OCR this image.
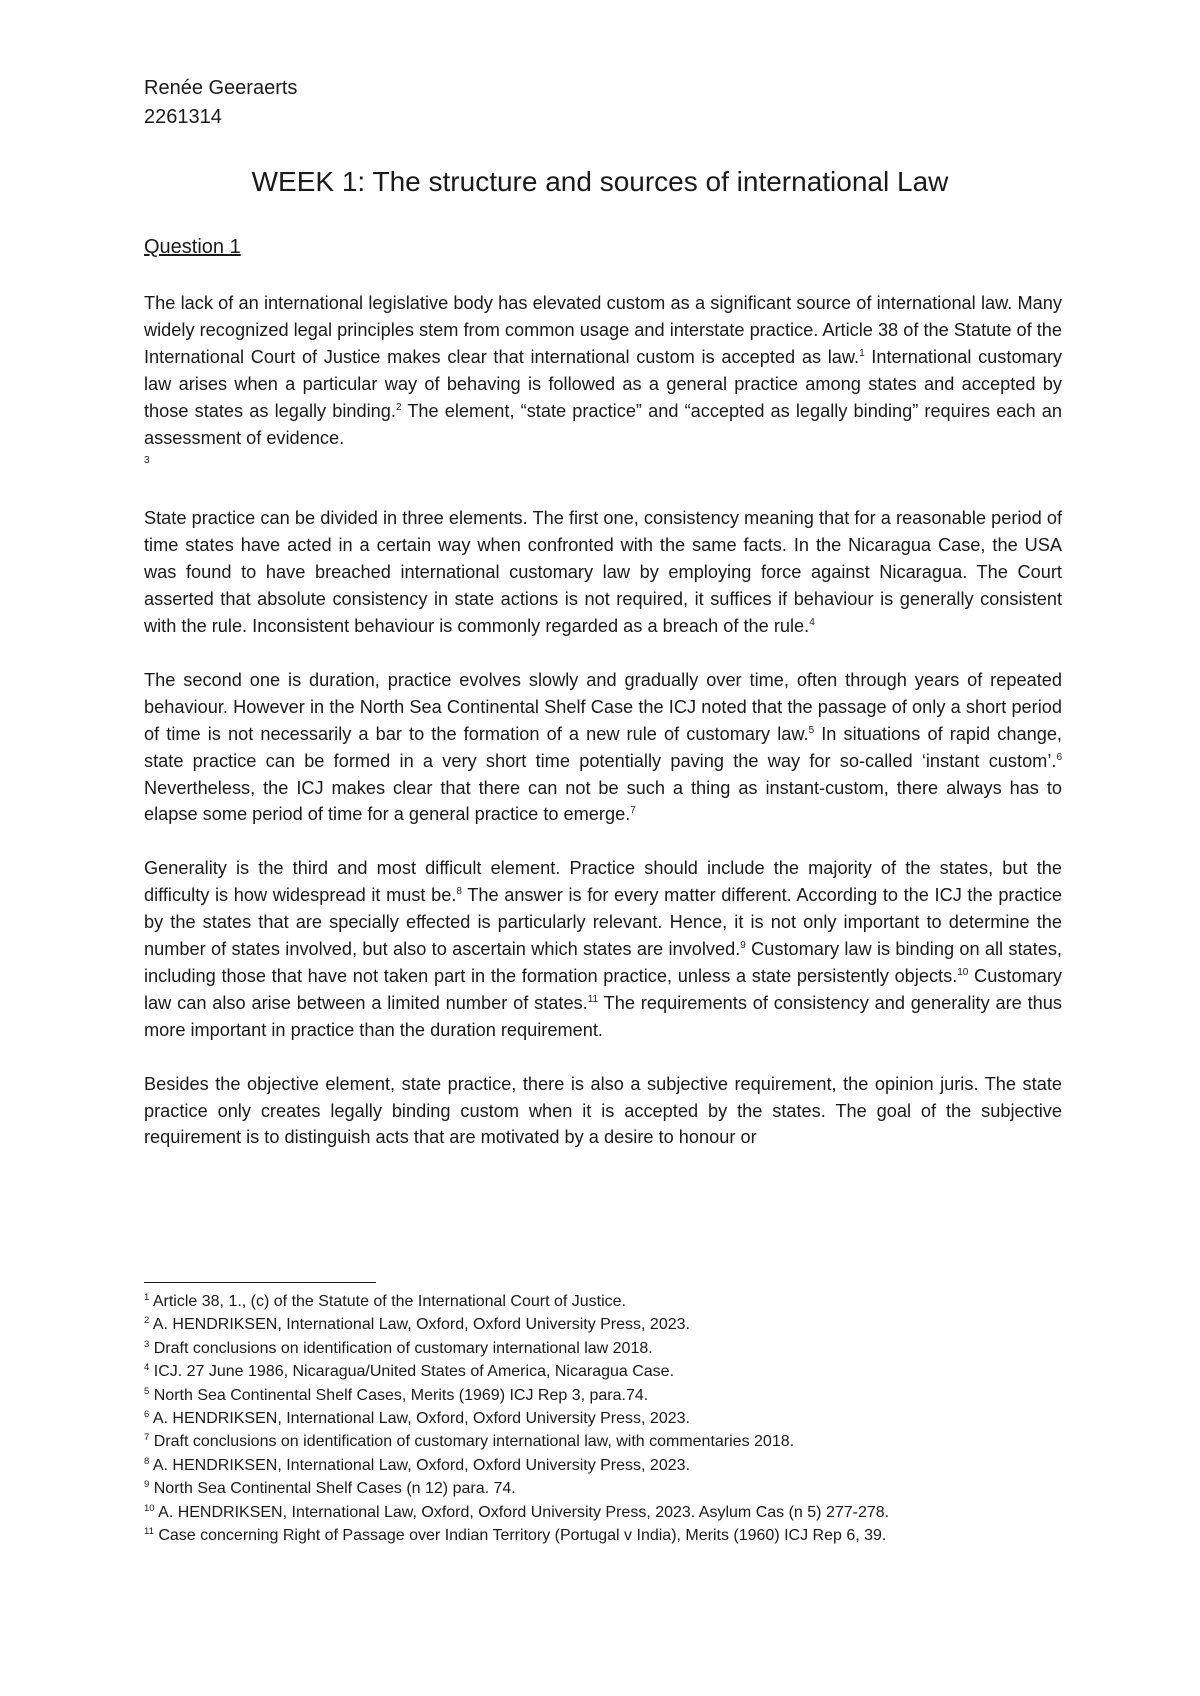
Renée Geeraerts
2261314
WEEK 1: The structure and sources of international Law
Question 1

The lack of an international legislative body has elevated custom as a significant source of international law. Many widely recognized legal principles stem from common usage and interstate practice. Article 38 of the Statute of the International Court of Justice makes clear that international custom is accepted as law.$^1$ International customary law arises when a particular way of behaving is followed as a general practice among states and accepted by those states as legally binding.$^2$ The element, “state practice” and “accepted as legally binding” requires each an assessment of evidence.
$^3$

State practice can be divided in three elements. The first one, consistency meaning that for a reasonable period of time states have acted in a certain way when confronted with the same facts. In the Nicaragua Case, the USA was found to have breached international customary law by employing force against Nicaragua. The Court asserted that absolute consistency in state actions is not required, it suffices if behaviour is generally consistent with the rule. Inconsistent behaviour is commonly regarded as a breach of the rule.$^4$

The second one is duration, practice evolves slowly and gradually over time, often through years of repeated behaviour. However in the North Sea Continental Shelf Case the ICJ noted that the passage of only a short period of time is not necessarily a bar to the formation of a new rule of customary law.$^5$ In situations of rapid change, state practice can be formed in a very short time potentially paving the way for so-called ‘instant custom’.$^6$ Nevertheless, the ICJ makes clear that there can not be such a thing as instant-custom, there always has to elapse some period of time for a general practice to emerge.$^7$

Generality is the third and most difficult element. Practice should include the majority of the states, but the difficulty is how widespread it must be.$^8$ The answer is for every matter different. According to the ICJ the practice by the states that are specially effected is particularly relevant. Hence, it is not only important to determine the number of states involved, but also to ascertain which states are involved.$^9$ Customary law is binding on all states, including those that have not taken part in the formation practice, unless a state persistently objects.$^{10}$ Customary law can also arise between a limited number of states.$^{11}$ The requirements of consistency and generality are thus more important in practice than the duration requirement.

Besides the objective element, state practice, there is also a subjective requirement, the opinion juris. The state practice only creates legally binding custom when it is accepted by the states. The goal of the subjective requirement is to distinguish acts that are motivated by a desire to honour or

$^1$ Article 38, 1., (c) of the Statute of the International Court of Justice.
$^2$ A. HENDRIKSEN, International Law, Oxford, Oxford University Press, 2023.
$^3$ Draft conclusions on identification of customary international law 2018.
$^4$ ICJ. 27 June 1986, Nicaragua/United States of America, Nicaragua Case.
$^5$ North Sea Continental Shelf Cases, Merits (1969) ICJ Rep 3, para.74.
$^6$ A. HENDRIKSEN, International Law, Oxford, Oxford University Press, 2023.
$^7$ Draft conclusions on identification of customary international law, with commentaries 2018.
$^8$ A. HENDRIKSEN, International Law, Oxford, Oxford University Press, 2023.
$^9$ North Sea Continental Shelf Cases (n 12) para. 74.
$^{10}$ A. HENDRIKSEN, International Law, Oxford, Oxford University Press, 2023. Asylum Cas (n 5) 277-278.
$^{11}$ Case concerning Right of Passage over Indian Territory (Portugal v India), Merits (1960) ICJ Rep 6, 39.
